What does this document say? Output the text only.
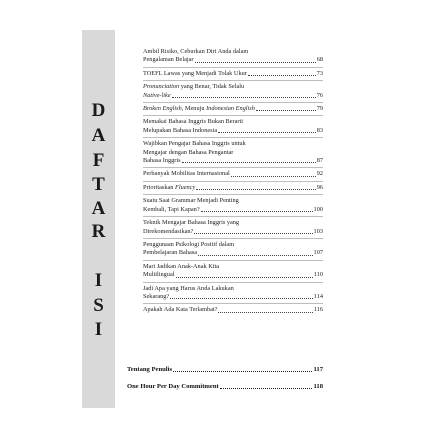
D
A
F
T
A
R
I
S
I
Ambil Risiko, Ceburkan Diri Anda dalam
Pengalaman Belajar	68
TOEFL Lawas yang Menjadi Tolak Ukur	73
Pronunciation yang Benar, Tidak Selalu
Native-like	76
Broken English, Menuju Indonesian English	79
Memakai Bahasa Inggris Bukan Berarti
Melupakan Bahasa Indonesia	83
Wajibkan Pengajar Bahasa Inggris untuk
Mengajar dengan Bahasa Pengantar
Bahasa Inggris	87
Perbanyak Mobilitas Internasional	92
Prioritaskan Fluency	96
Suatu Saat Grammar Menjadi Penting
Kembali, Tapi Kapan?	100
Teknik Mengajar Bahasa Inggris yang
Direkomendasikan?	103
Penggunaan Psikologi Positif dalam
Pembelajaran Bahasa	107
Mari Jadikan Anak-Anak Kita
Multilingual	110
Jadi Apa yang Harus Anda Lakukan
Sekarang?	114
Apakah Ada Kata Terlambat?	116
Tentang Penulis	117
One Hour Per Day Commitment	118
